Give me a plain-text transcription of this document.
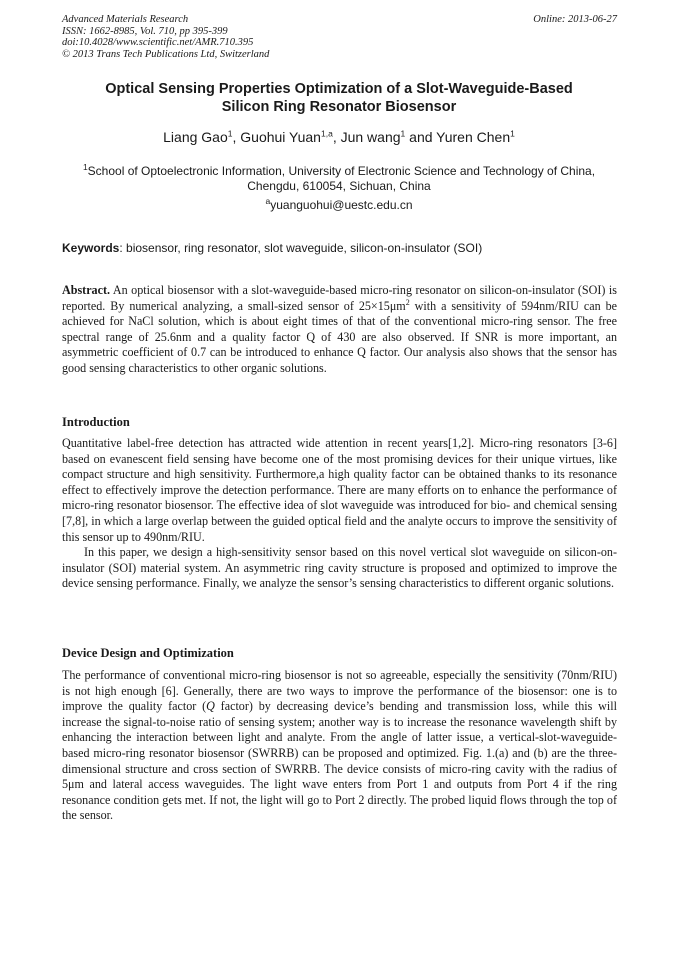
Advanced Materials Research
ISSN: 1662-8985, Vol. 710, pp 395-399
doi:10.4028/www.scientific.net/AMR.710.395
© 2013 Trans Tech Publications Ltd, Switzerland
Online: 2013-06-27
Optical Sensing Properties Optimization of a Slot-Waveguide-Based
Silicon Ring Resonator Biosensor
Liang Gao$^1$, Guohui Yuan$^{1,a}$, Jun wang$^1$ and Yuren Chen$^1$
$^1$School of Optoelectronic Information, University of Electronic Science and Technology of China,
Chengdu, 610054, Sichuan, China
$^a$yuanguohui@uestc.edu.cn
Keywords: biosensor, ring resonator, slot waveguide, silicon-on-insulator (SOI)

Abstract. An optical biosensor with a slot-waveguide-based micro-ring resonator on silicon-on-insulator (SOI) is reported. By numerical analyzing, a small-sized sensor of $25\times 15\mu m^2$ with a sensitivity of 594nm/RIU can be achieved for NaCl solution, which is about eight times of that of the conventional micro-ring sensor. The free spectral range of 25.6nm and a quality factor Q of 430 are also observed. If SNR is more important, an asymmetric coefficient of 0.7 can be introduced to enhance Q factor. Our analysis also shows that the sensor has good sensing characteristics to other organic solutions.

Introduction

Quantitative label-free detection has attracted wide attention in recent years[1,2]. Micro-ring resonators [3-6] based on evanescent field sensing have become one of the most promising devices for their unique virtues, like compact structure and high sensitivity. Furthermore,a high quality factor can be obtained thanks to its resonance effect to effectively improve the detection performance. There are many efforts on to enhance the performance of micro-ring resonator biosensor. The effective idea of slot waveguide was introduced for bio- and chemical sensing [7,8], in which a large overlap between the guided optical field and the analyte occurs to improve the sensitivity of this sensor up to 490nm/RIU.

In this paper, we design a high-sensitivity sensor based on this novel vertical slot waveguide on silicon-on-insulator (SOI) material system. An asymmetric ring cavity structure is proposed and optimized to improve the device sensing performance. Finally, we analyze the sensor’s sensing characteristics to different organic solutions.

Device Design and Optimization

The performance of conventional micro-ring biosensor is not so agreeable, especially the sensitivity (70nm/RIU) is not high enough [6]. Generally, there are two ways to improve the performance of the biosensor: one is to improve the quality factor (Q factor) by decreasing device’s bending and transmission loss, while this will increase the signal-to-noise ratio of sensing system; another way is to increase the resonance wavelength shift by enhancing the interaction between light and analyte. From the angle of latter issue, a vertical-slot-waveguide-based micro-ring resonator biosensor (SWRRB) can be proposed and optimized. Fig. 1.(a) and (b) are the three-dimensional structure and cross section of SWRRB. The device consists of micro-ring cavity with the radius of 5μm and lateral access waveguides. The light wave enters from Port 1 and outputs from Port 4 if the ring resonance condition gets met. If not, the light will go to Port 2 directly. The probed liquid flows through the top of the sensor.
